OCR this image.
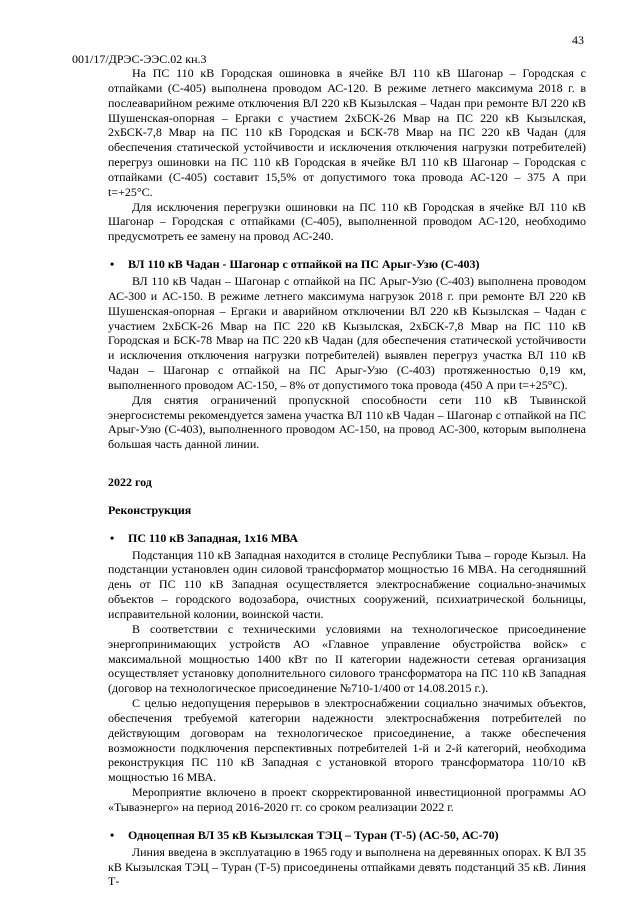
43
001/17/ДРЭС-ЭЭС.02 кн.3

На ПС 110 кВ Городская ошиновка в ячейке ВЛ 110 кВ Шагонар – Городская с отпайками (С-405) выполнена проводом АС-120. В режиме летнего максимума 2018 г. в послеаварийном режиме отключения ВЛ 220 кВ Кызылская – Чадан при ремонте ВЛ 220 кВ Шушенская-опорная – Ергаки с участием 2хБСК-26 Мвар на ПС 220 кВ Кызылская, 2хБСК-7,8 Мвар на ПС 110 кВ Городская и БСК-78 Мвар на ПС 220 кВ Чадан (для обеспечения статической устойчивости и исключения отключения нагрузки потребителей) перегруз ошиновки на ПС 110 кВ Городская в ячейке ВЛ 110 кВ Шагонар – Городская с отпайками (С-405) составит 15,5% от допустимого тока провода АС-120 – 375 А при t=+25°С.

Для исключения перегрузки ошиновки на ПС 110 кВ Городская в ячейке ВЛ 110 кВ Шагонар – Городская с отпайками (С-405), выполненной проводом АС-120, необходимо предусмотреть ее замену на провод АС-240.

• ВЛ 110 кВ Чадан - Шагонар с отпайкой на ПС Арыг-Узю (С-403)

ВЛ 110 кВ Чадан – Шагонар с отпайкой на ПС Арыг-Узю (С-403) выполнена проводом АС-300 и АС-150. В режиме летнего максимума нагрузок 2018 г. при ремонте ВЛ 220 кВ Шушенская-опорная – Ергаки и аварийном отключении ВЛ 220 кВ Кызылская – Чадан с участием 2хБСК-26 Мвар на ПС 220 кВ Кызылская, 2хБСК-7,8 Мвар на ПС 110 кВ Городская и БСК-78 Мвар на ПС 220 кВ Чадан (для обеспечения статической устойчивости и исключения отключения нагрузки потребителей) выявлен перегруз участка ВЛ 110 кВ Чадан – Шагонар с отпайкой на ПС Арыг-Узю (С-403) протяженностью 0,19 км, выполненного проводом АС-150, – 8% от допустимого тока провода (450 А при t=+25°С).

Для снятия ограничений пропускной способности сети 110 кВ Тывинской энергосистемы рекомендуется замена участка ВЛ 110 кВ Чадан – Шагонар с отпайкой на ПС Арыг-Узю (С-403), выполненного проводом АС-150, на провод АС-300, которым выполнена большая часть данной линии.

2022 год
Реконструкция
• ПС 110 кВ Западная, 1х16 МВА

Подстанция 110 кВ Западная находится в столице Республики Тыва – городе Кызыл. На подстанции установлен один силовой трансформатор мощностью 16 МВА. На сегодняшний день от ПС 110 кВ Западная осуществляется электроснабжение социально-значимых объектов – городского водозабора, очистных сооружений, психиатрической больницы, исправительной колонии, воинской части.

В соответствии с техническими условиями на технологическое присоединение энергопринимающих устройств АО «Главное управление обустройства войск» с максимальной мощностью 1400 кВт по II категории надежности сетевая организация осуществляет установку дополнительного силового трансформатора на ПС 110 кВ Западная (договор на технологическое присоединение №710-1/400 от 14.08.2015 г.).

С целью недопущения перерывов в электроснабжении социально значимых объектов, обеспечения требуемой категории надежности электроснабжения потребителей по действующим договорам на технологическое присоединение, а также обеспечения возможности подключения перспективных потребителей 1-й и 2-й категорий, необходима реконструкция ПС 110 кВ Западная с установкой второго трансформатора 110/10 кВ мощностью 16 МВА.

Мероприятие включено в проект скорректированной инвестиционной программы АО «Тываэнерго» на период 2016-2020 гг. со сроком реализации 2022 г.

• Одноцепная ВЛ 35 кВ Кызылская ТЭЦ – Туран (Т-5) (АС-50, АС-70)

Линия введена в эксплуатацию в 1965 году и выполнена на деревянных опорах. К ВЛ 35 кВ Кызылская ТЭЦ – Туран (Т-5) присоединены отпайками девять подстанций 35 кВ. Линия Т-
